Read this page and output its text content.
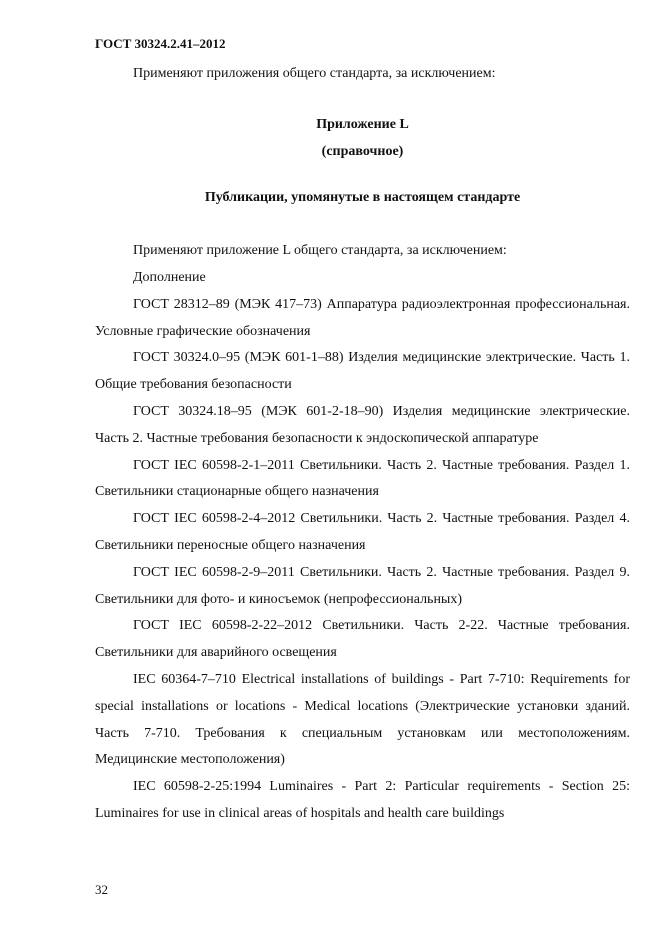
ГОСТ 30324.2.41–2012

Применяют приложения общего стандарта, за исключением:

Приложение L

(справочное)

Публикации, упомянутые в настоящем стандарте

Применяют приложение L общего стандарта, за исключением:

Дополнение

ГОСТ 28312–89 (МЭК 417–73) Аппаратура радиоэлектронная профессиональная. Условные графические обозначения

ГОСТ 30324.0–95 (МЭК 601-1–88) Изделия медицинские электрические. Часть 1. Общие требования безопасности

ГОСТ 30324.18–95 (МЭК 601-2-18–90) Изделия медицинские электрические. Часть 2. Частные требования безопасности к эндоскопической аппаратуре

ГОСТ IEC 60598-2-1–2011 Светильники. Часть 2. Частные требования. Раздел 1. Светильники стационарные общего назначения

ГОСТ IEC 60598-2-4–2012 Светильники. Часть 2. Частные требования. Раздел 4. Светильники переносные общего назначения

ГОСТ IEC 60598-2-9–2011 Светильники. Часть 2. Частные требования. Раздел 9. Светильники для фото- и киносъемок (непрофессиональных)

ГОСТ IEC 60598-2-22–2012 Светильники. Часть 2-22. Частные требования. Светильники для аварийного освещения

IEC 60364-7–710 Electrical installations of buildings - Part 7-710: Requirements for special installations or locations - Medical locations (Электрические установки зданий. Часть 7-710. Требования к специальным установкам или местоположениям. Медицинские местоположения)

IEC 60598-2-25:1994 Luminaires - Part 2: Particular requirements - Section 25: Luminaires for use in clinical areas of hospitals and health care buildings

32
